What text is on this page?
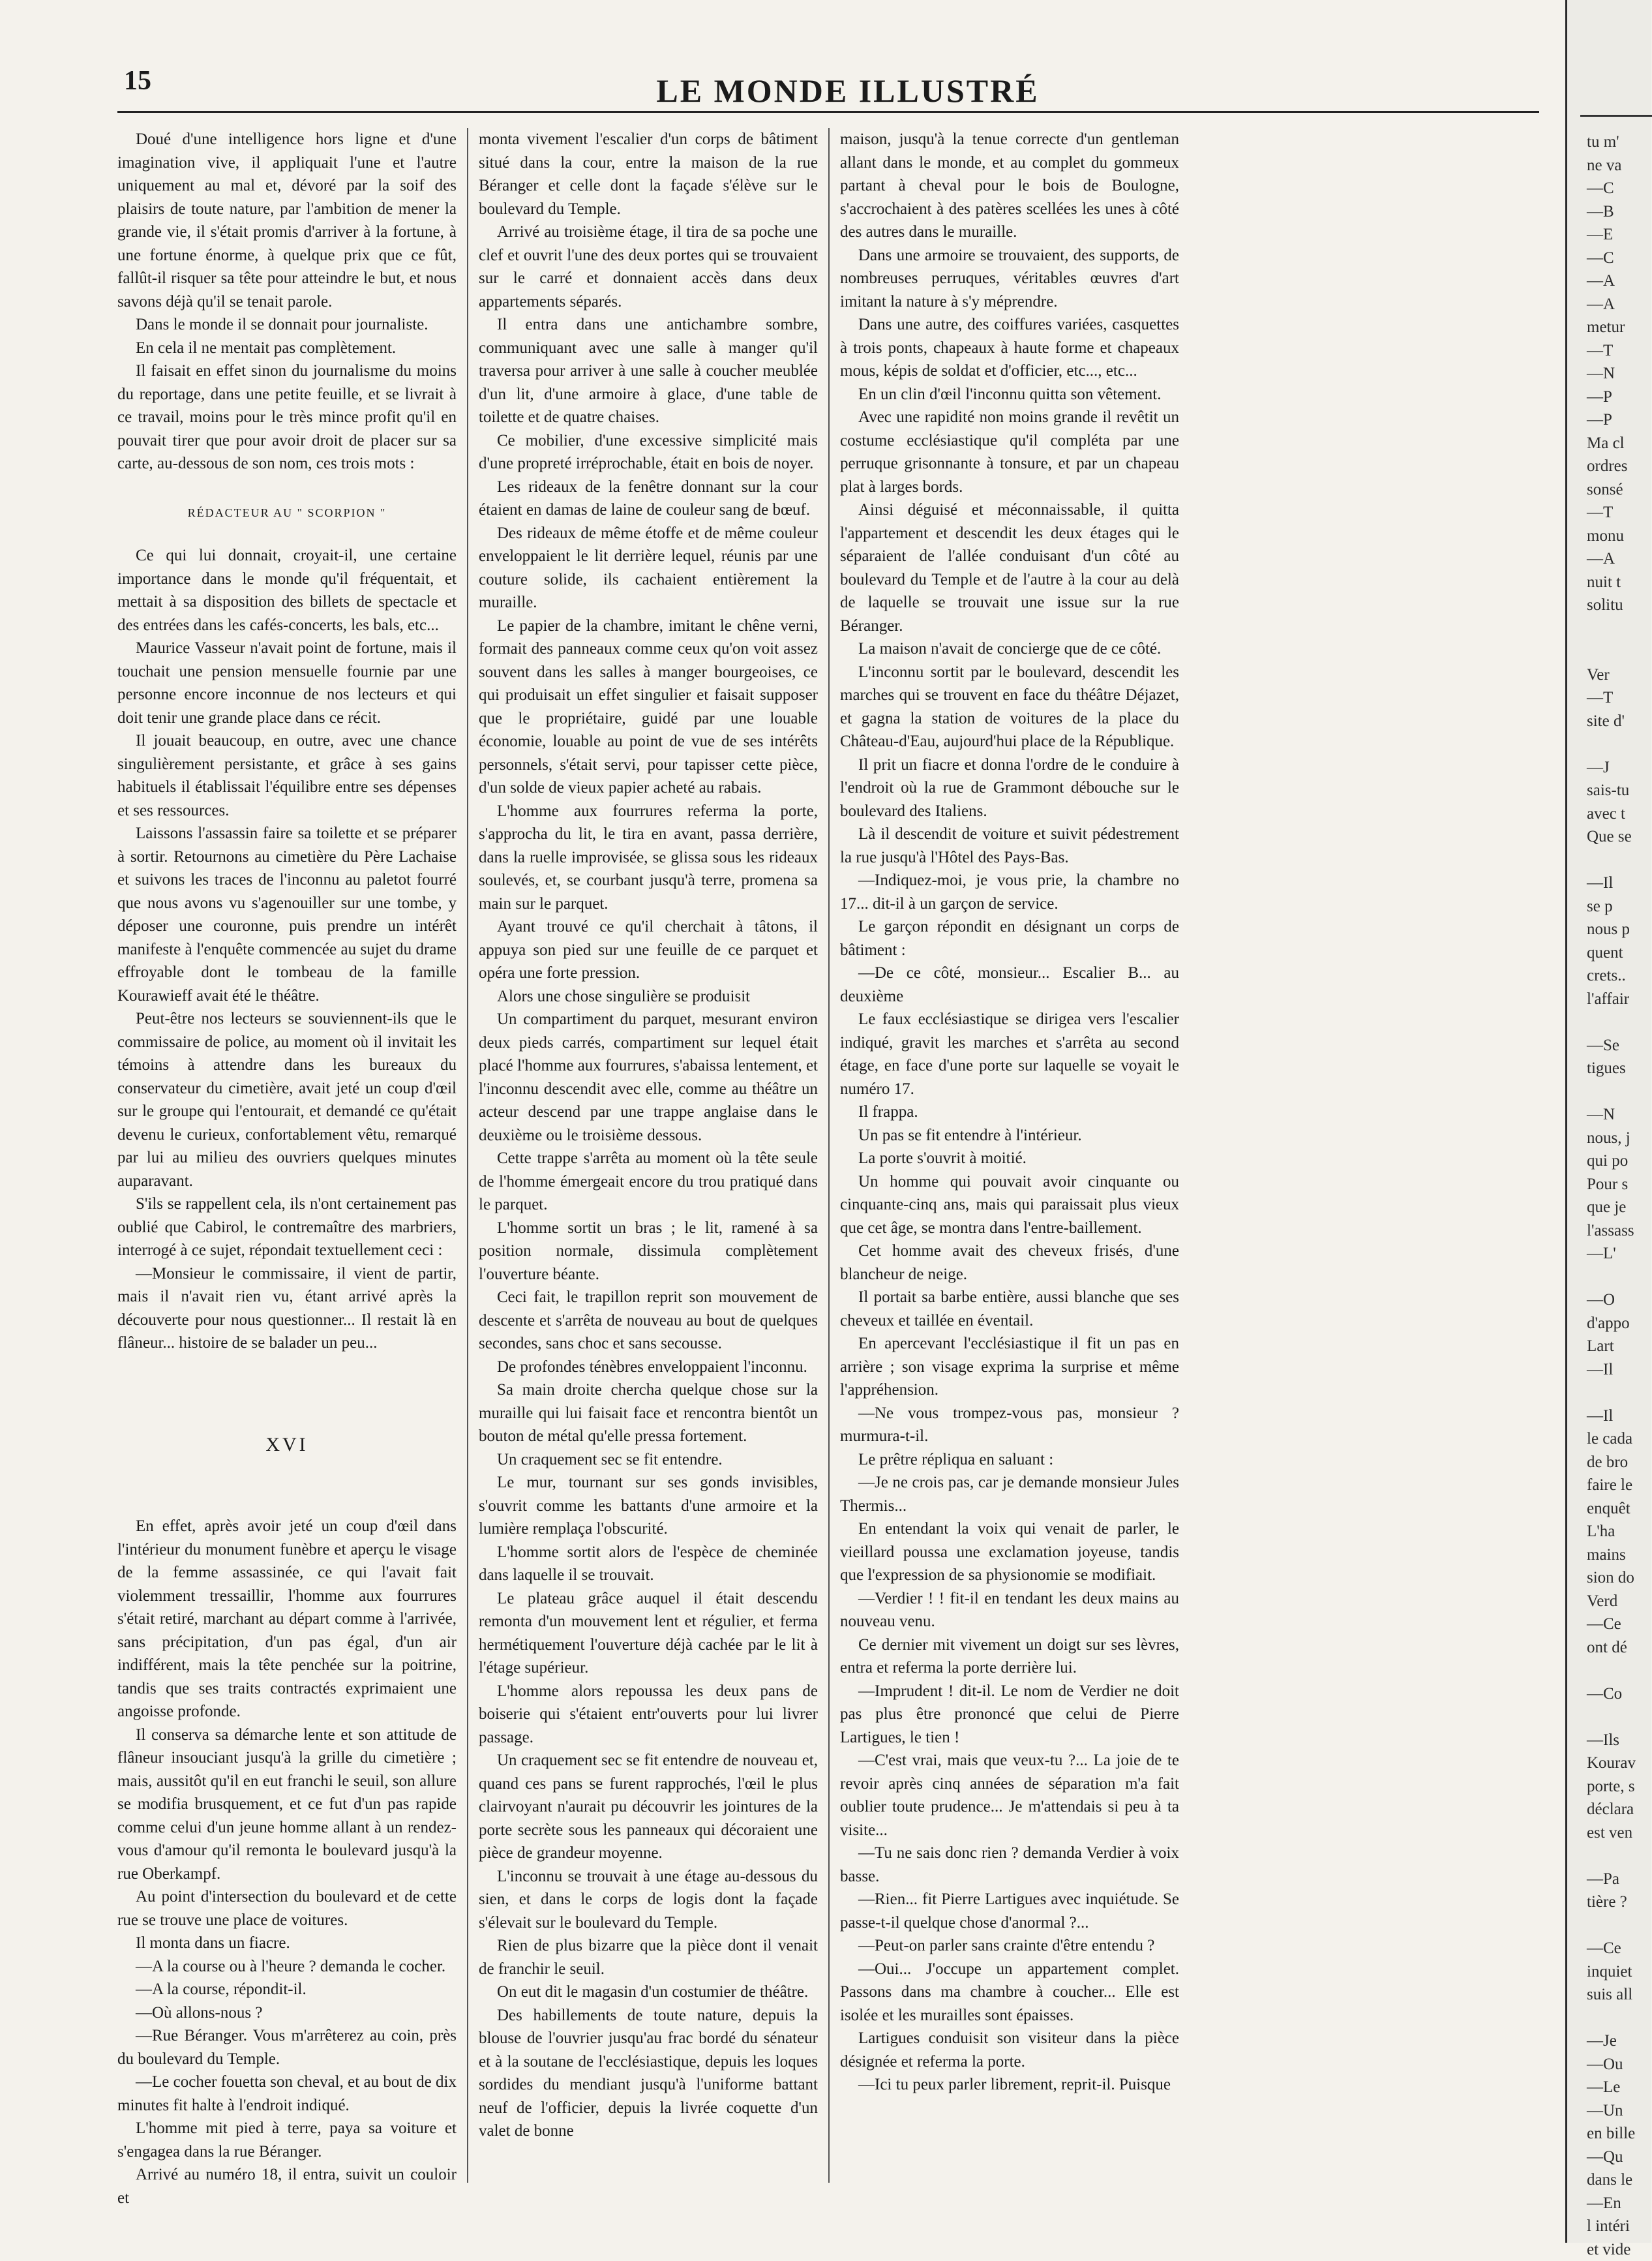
15	LE MONDE ILLUSTRÉ

Doué d'une intelligence hors ligne et d'une imagination vive, il appliquait l'une et l'autre uniquement au mal et, dévoré par la soif des plaisirs de toute nature, par l'ambition de mener la grande vie, il s'était promis d'arriver à la fortune, à une fortune énorme, à quelque prix que ce fût, fallût-il risquer sa tête pour atteindre le but, et nous savons déjà qu'il se tenait parole.

Dans le monde il se donnait pour journaliste.

En cela il ne mentait pas complètement.

Il faisait en effet sinon du journalisme du moins du reportage, dans une petite feuille, et se livrait à ce travail, moins pour le très mince profit qu'il en pouvait tirer que pour avoir droit de placer sur sa carte, au-dessous de son nom, ces trois mots :

RÉDACTEUR AU " SCORPION "

Ce qui lui donnait, croyait-il, une certaine importance dans le monde qu'il fréquentait, et mettait à sa disposition des billets de spectacle et des entrées dans les cafés-concerts, les bals, etc...

Maurice Vasseur n'avait point de fortune, mais il touchait une pension mensuelle fournie par une personne encore inconnue de nos lecteurs et qui doit tenir une grande place dans ce récit.

Il jouait beaucoup, en outre, avec une chance singulièrement persistante, et grâce à ses gains habituels il établissait l'équilibre entre ses dépenses et ses ressources.

Laissons l'assassin faire sa toilette et se préparer à sortir. Retournons au cimetière du Père Lachaise et suivons les traces de l'inconnu au paletot fourré que nous avons vu s'agenouiller sur une tombe, y déposer une couronne, puis prendre un intérêt manifeste à l'enquête commencée au sujet du drame effroyable dont le tombeau de la famille Kourawieff avait été le théâtre.

Peut-être nos lecteurs se souviennent-ils que le commissaire de police, au moment où il invitait les témoins à attendre dans les bureaux du conservateur du cimetière, avait jeté un coup d'œil sur le groupe qui l'entourait, et demandé ce qu'était devenu le curieux, confortablement vêtu, remarqué par lui au milieu des ouvriers quelques minutes auparavant.

S'ils se rappellent cela, ils n'ont certainement pas oublié que Cabirol, le contremaître des marbriers, interrogé à ce sujet, répondait textuellement ceci :

—Monsieur le commissaire, il vient de partir, mais il n'avait rien vu, étant arrivé après la découverte pour nous questionner... Il restait là en flâneur... histoire de se balader un peu...

XVI

En effet, après avoir jeté un coup d'œil dans l'intérieur du monument funèbre et aperçu le visage de la femme assassinée, ce qui l'avait fait violemment tressaillir, l'homme aux fourrures s'était retiré, marchant au départ comme à l'arrivée, sans précipitation, d'un pas égal, d'un air indifférent, mais la tête penchée sur la poitrine, tandis que ses traits contractés exprimaient une angoisse profonde.

Il conserva sa démarche lente et son attitude de flâneur insouciant jusqu'à la grille du cimetière ; mais, aussitôt qu'il en eut franchi le seuil, son allure se modifia brusquement, et ce fut d'un pas rapide comme celui d'un jeune homme allant à un rendez-vous d'amour qu'il remonta le boulevard jusqu'à la rue Oberkampf.

Au point d'intersection du boulevard et de cette rue se trouve une place de voitures.

Il monta dans un fiacre.

—A la course ou à l'heure ? demanda le cocher.

—A la course, répondit-il.

—Où allons-nous ?

—Rue Béranger. Vous m'arrêterez au coin, près du boulevard du Temple.

—Le cocher fouetta son cheval, et au bout de dix minutes fit halte à l'endroit indiqué.

L'homme mit pied à terre, paya sa voiture et s'engagea dans la rue Béranger.

Arrivé au numéro 18, il entra, suivit un couloir et

monta vivement l'escalier d'un corps de bâtiment situé dans la cour, entre la maison de la rue Béranger et celle dont la façade s'élève sur le boulevard du Temple.

Arrivé au troisième étage, il tira de sa poche une clef et ouvrit l'une des deux portes qui se trouvaient sur le carré et donnaient accès dans deux appartements séparés.

Il entra dans une antichambre sombre, communiquant avec une salle à manger qu'il traversa pour arriver à une salle à coucher meublée d'un lit, d'une armoire à glace, d'une table de toilette et de quatre chaises.

Ce mobilier, d'une excessive simplicité mais d'une propreté irréprochable, était en bois de noyer.

Les rideaux de la fenêtre donnant sur la cour étaient en damas de laine de couleur sang de bœuf.

Des rideaux de même étoffe et de même couleur enveloppaient le lit derrière lequel, réunis par une couture solide, ils cachaient entièrement la muraille.

Le papier de la chambre, imitant le chêne verni, formait des panneaux comme ceux qu'on voit assez souvent dans les salles à manger bourgeoises, ce qui produisait un effet singulier et faisait supposer que le propriétaire, guidé par une louable économie, louable au point de vue de ses intérêts personnels, s'était servi, pour tapisser cette pièce, d'un solde de vieux papier acheté au rabais.

L'homme aux fourrures referma la porte, s'approcha du lit, le tira en avant, passa derrière, dans la ruelle improvisée, se glissa sous les rideaux soulevés, et, se courbant jusqu'à terre, promena sa main sur le parquet.

Ayant trouvé ce qu'il cherchait à tâtons, il appuya son pied sur une feuille de ce parquet et opéra une forte pression.

Alors une chose singulière se produisit

Un compartiment du parquet, mesurant environ deux pieds carrés, compartiment sur lequel était placé l'homme aux fourrures, s'abaissa lentement, et l'inconnu descendit avec elle, comme au théâtre un acteur descend par une trappe anglaise dans le deuxième ou le troisième dessous.

Cette trappe s'arrêta au moment où la tête seule de l'homme émergeait encore du trou pratiqué dans le parquet.

L'homme sortit un bras ; le lit, ramené à sa position normale, dissimula complètement l'ouverture béante.

Ceci fait, le trapillon reprit son mouvement de descente et s'arrêta de nouveau au bout de quelques secondes, sans choc et sans secousse.

De profondes ténèbres enveloppaient l'inconnu.

Sa main droite chercha quelque chose sur la muraille qui lui faisait face et rencontra bientôt un bouton de métal qu'elle pressa fortement.

Un craquement sec se fit entendre.

Le mur, tournant sur ses gonds invisibles, s'ouvrit comme les battants d'une armoire et la lumière remplaça l'obscurité.

L'homme sortit alors de l'espèce de cheminée dans laquelle il se trouvait.

Le plateau grâce auquel il était descendu remonta d'un mouvement lent et régulier, et ferma hermétiquement l'ouverture déjà cachée par le lit à l'étage supérieur.

L'homme alors repoussa les deux pans de boiserie qui s'étaient entr'ouverts pour lui livrer passage.

Un craquement sec se fit entendre de nouveau et, quand ces pans se furent rapprochés, l'œil le plus clairvoyant n'aurait pu découvrir les jointures de la porte secrète sous les panneaux qui décoraient une pièce de grandeur moyenne.

L'inconnu se trouvait à une étage au-dessous du sien, et dans le corps de logis dont la façade s'élevait sur le boulevard du Temple.

Rien de plus bizarre que la pièce dont il venait de franchir le seuil.

On eut dit le magasin d'un costumier de théâtre.

Des habillements de toute nature, depuis la blouse de l'ouvrier jusqu'au frac bordé du sénateur et à la soutane de l'ecclésiastique, depuis les loques sordides du mendiant jusqu'à l'uniforme battant neuf de l'officier, depuis la livrée coquette d'un valet de bonne

maison, jusqu'à la tenue correcte d'un gentleman allant dans le monde, et au complet du gommeux partant à cheval pour le bois de Boulogne, s'accrochaient à des patères scellées les unes à côté des autres dans le muraille.

Dans une armoire se trouvaient, des supports, de nombreuses perruques, véritables œuvres d'art imitant la nature à s'y méprendre.

Dans une autre, des coiffures variées, casquettes à trois ponts, chapeaux à haute forme et chapeaux mous, képis de soldat et d'officier, etc..., etc...

En un clin d'œil l'inconnu quitta son vêtement.

Avec une rapidité non moins grande il revêtit un costume ecclésiastique qu'il compléta par une perruque grisonnante à tonsure, et par un chapeau plat à larges bords.

Ainsi déguisé et méconnaissable, il quitta l'appartement et descendit les deux étages qui le séparaient de l'allée conduisant d'un côté au boulevard du Temple et de l'autre à la cour au delà de laquelle se trouvait une issue sur la rue Béranger.

La maison n'avait de concierge que de ce côté.

L'inconnu sortit par le boulevard, descendit les marches qui se trouvent en face du théâtre Déjazet, et gagna la station de voitures de la place du Château-d'Eau, aujourd'hui place de la République.

Il prit un fiacre et donna l'ordre de le conduire à l'endroit où la rue de Grammont débouche sur le boulevard des Italiens.

Là il descendit de voiture et suivit pédestrement la rue jusqu'à l'Hôtel des Pays-Bas.

—Indiquez-moi, je vous prie, la chambre no 17... dit-il à un garçon de service.

Le garçon répondit en désignant un corps de bâtiment :

—De ce côté, monsieur... Escalier B... au deuxième

Le faux ecclésiastique se dirigea vers l'escalier indiqué, gravit les marches et s'arrêta au second étage, en face d'une porte sur laquelle se voyait le numéro 17.

Il frappa.

Un pas se fit entendre à l'intérieur.

La porte s'ouvrit à moitié.

Un homme qui pouvait avoir cinquante ou cinquante-cinq ans, mais qui paraissait plus vieux que cet âge, se montra dans l'entre-baillement.

Cet homme avait des cheveux frisés, d'une blancheur de neige.

Il portait sa barbe entière, aussi blanche que ses cheveux et taillée en éventail.

En apercevant l'ecclésiastique il fit un pas en arrière ; son visage exprima la surprise et même l'appréhension.

—Ne vous trompez-vous pas, monsieur ? murmura-t-il.

Le prêtre répliqua en saluant :

—Je ne crois pas, car je demande monsieur Jules Thermis...

En entendant la voix qui venait de parler, le vieillard poussa une exclamation joyeuse, tandis que l'expression de sa physionomie se modifiait.

—Verdier ! ! fit-il en tendant les deux mains au nouveau venu.

Ce dernier mit vivement un doigt sur ses lèvres, entra et referma la porte derrière lui.

—Imprudent ! dit-il. Le nom de Verdier ne doit pas plus être prononcé que celui de Pierre Lartigues, le tien !

—C'est vrai, mais que veux-tu ?... La joie de te revoir après cinq années de séparation m'a fait oublier toute prudence... Je m'attendais si peu à ta visite...

—Tu ne sais donc rien ? demanda Verdier à voix basse.

—Rien... fit Pierre Lartigues avec inquiétude. Se passe-t-il quelque chose d'anormal ?...

—Peut-on parler sans crainte d'être entendu ?

—Oui... J'occupe un appartement complet. Passons dans ma chambre à coucher... Elle est isolée et les murailles sont épaisses.

Lartigues conduisit son visiteur dans la pièce désignée et referma la porte.

—Ici tu peux parler librement, reprit-il. Puisque

tu m'
ne va
—C
—B
—E
—C
—A
—A
metur
—T
—N
—P
—P
Ma cl
ordres
sonsé
—T
monu
—A
nuit t
solitu
Ver
—T
site d'
—J
sais-tu
avec t
Que se
—Il
se p
nous p
quent
crets..
l'affair
—Se
tigues
—N
nous, j
qui po
Pour s
que je
l'assass
—L'
—O
d'appo
Lart
—Il
—Il
le cada
de bro
faire le
enquêt
L'ha
mains
sion do
Verd
—Ce
ont dé
—Co
—Ils
Kourav
porte, s
déclara
est ven
—Pa
tière ?
—Ce
inquiet
suis all
—Je
—Ou
—Le
—Un
en bille
—Qu
dans le
—En
l intéri
et vide
